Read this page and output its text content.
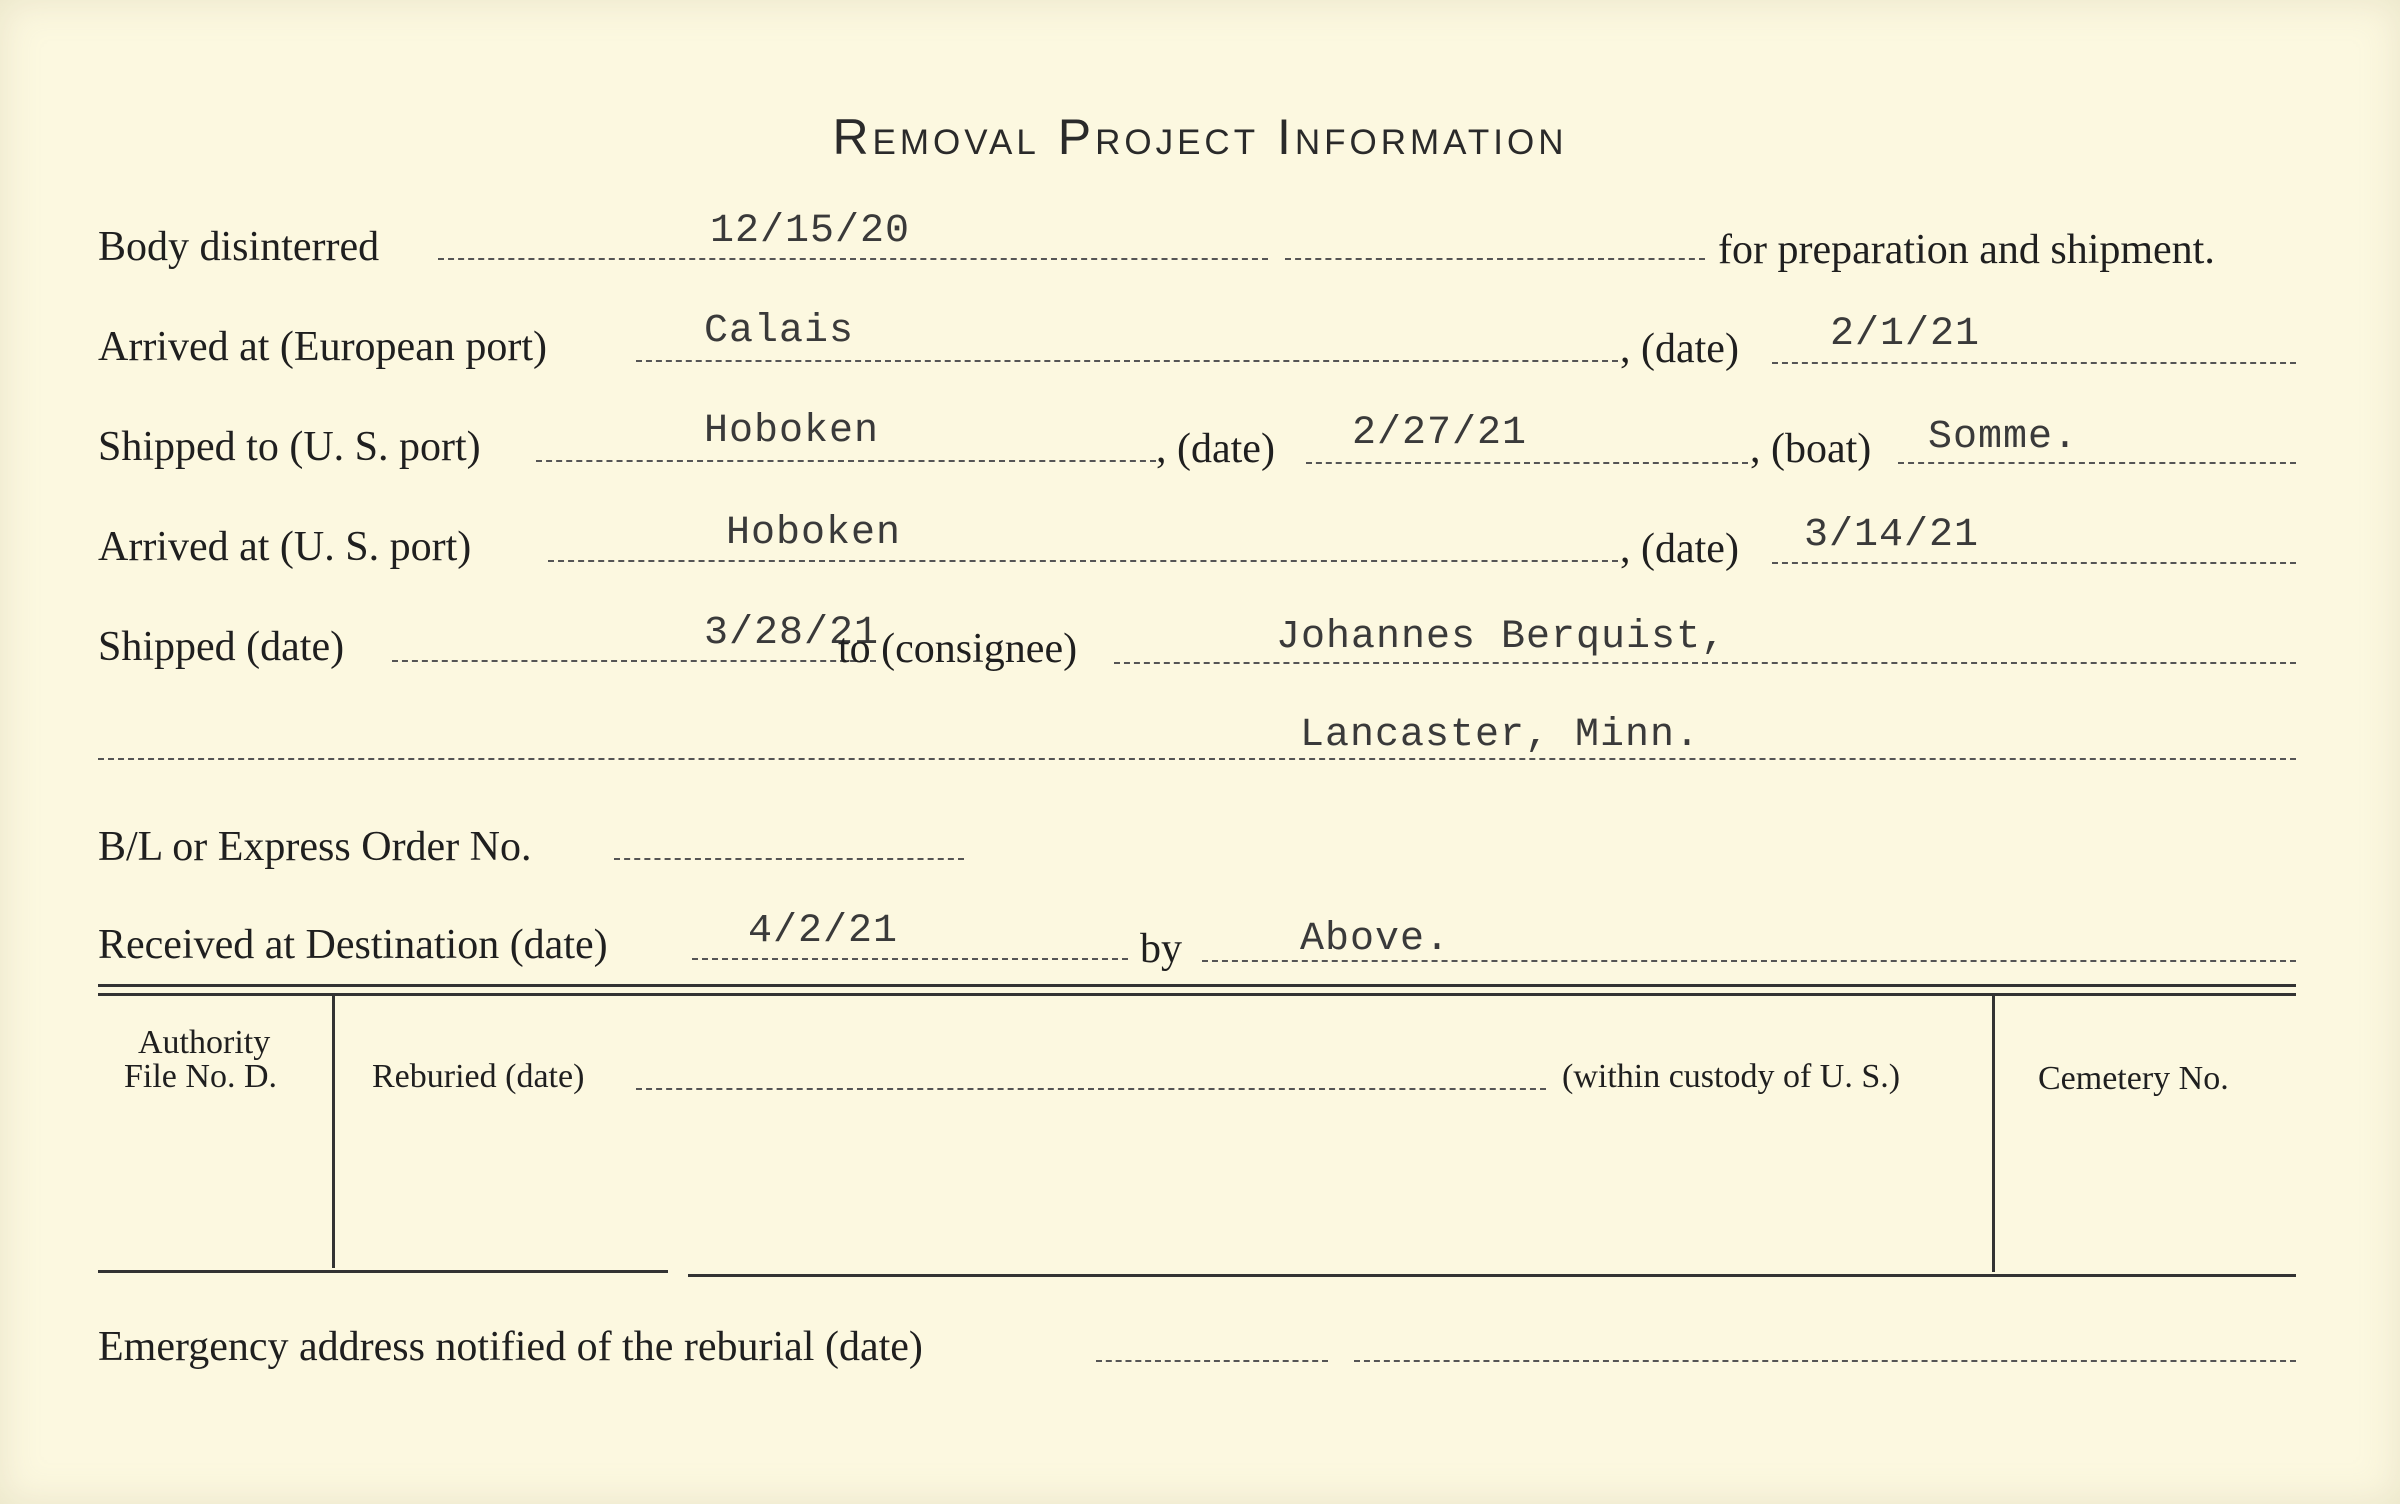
Removal Project Information
Body disinterred	12/15/20	for preparation and shipment.
Arrived at (European port)	Calais	, (date) 2/1/21
Shipped to (U. S. port)	Hoboken	, (date) 2/27/21	, (boat) Somme.
Arrived at (U. S. port)	Hoboken	, (date) 3/14/21
Shipped (date)	3/28/21
to (consignee)	Johannes Berquist,
Lancaster, Minn.
B/L or Express Order No.
Received at Destination (date)	4/2/21	by	Above.
Authority
File No. D.	Reburied (date)	(within custody of U. S.)	Cemetery No.
Emergency address notified of the reburial (date)
